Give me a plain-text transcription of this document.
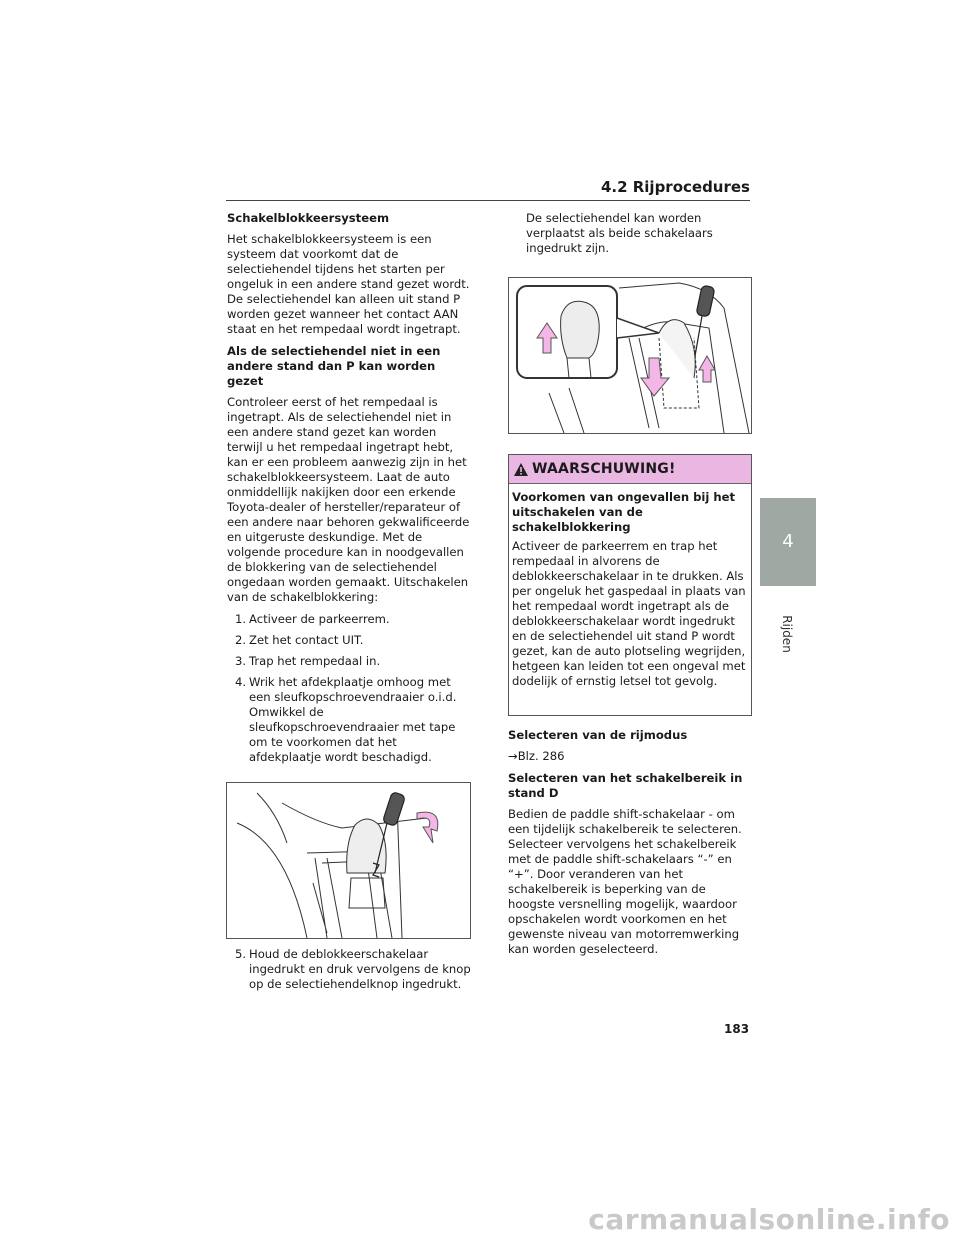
4.2 Rijprocedures
4
Rijden
Schakelblokkeersysteem

Het schakelblokkeersysteem is een systeem dat voorkomt dat de selectiehendel tijdens het starten per ongeluk in een andere stand gezet wordt. De selectiehendel kan alleen uit stand P worden gezet wanneer het contact AAN staat en het rempedaal wordt ingetrapt.

Als de selectiehendel niet in een andere stand dan P kan worden gezet

Controleer eerst of het rempedaal is ingetrapt. Als de selectiehendel niet in een andere stand gezet kan worden terwijl u het rempedaal ingetrapt hebt, kan er een probleem aanwezig zijn in het schakelblokkeersysteem. Laat de auto onmiddellijk nakijken door een erkende Toyota-dealer of hersteller/reparateur of een andere naar behoren gekwalificeerde en uitgeruste deskundige. Met de volgende procedure kan in noodgevallen de blokkering van de selectiehendel ongedaan worden gemaakt. Uitschakelen van de schakelblokkering:

1. Activeer de parkeerrem.
2. Zet het contact UIT.
3. Trap het rempedaal in.
4. Wrik het afdekplaatje omhoog met een sleufkopschroevendraaier o.i.d. Omwikkel de sleufkopschroevendraaier met tape om te voorkomen dat het afdekplaatje wordt beschadigd.
5. Houd de deblokkeerschakelaar ingedrukt en druk vervolgens de knop op de selectiehendelknop ingedrukt.

De selectiehendel kan worden verplaatst als beide schakelaars ingedrukt zijn.

WAARSCHUWING!
Voorkomen van ongevallen bij het uitschakelen van de schakelblokkering

Activeer de parkeerrem en trap het rempedaal in alvorens de deblokkeerschakelaar in te drukken. Als per ongeluk het gaspedaal in plaats van het rempedaal wordt ingetrapt als de deblokkeerschakelaar wordt ingedrukt en de selectiehendel uit stand P wordt gezet, kan de auto plotseling wegrijden, hetgeen kan leiden tot een ongeval met dodelijk of ernstig letsel tot gevolg.

Selecteren van de rijmodus

→Blz. 286

Selecteren van het schakelbereik in stand D

Bedien de paddle shift-schakelaar - om een tijdelijk schakelbereik te selecteren. Selecteer vervolgens het schakelbereik met de paddle shift-schakelaars “-” en “+”. Door veranderen van het schakelbereik is beperking van de hoogste versnelling mogelijk, waardoor opschakelen wordt voorkomen en het gewenste niveau van motorremwerking kan worden geselecteerd.

183
carmanualsonline.info
